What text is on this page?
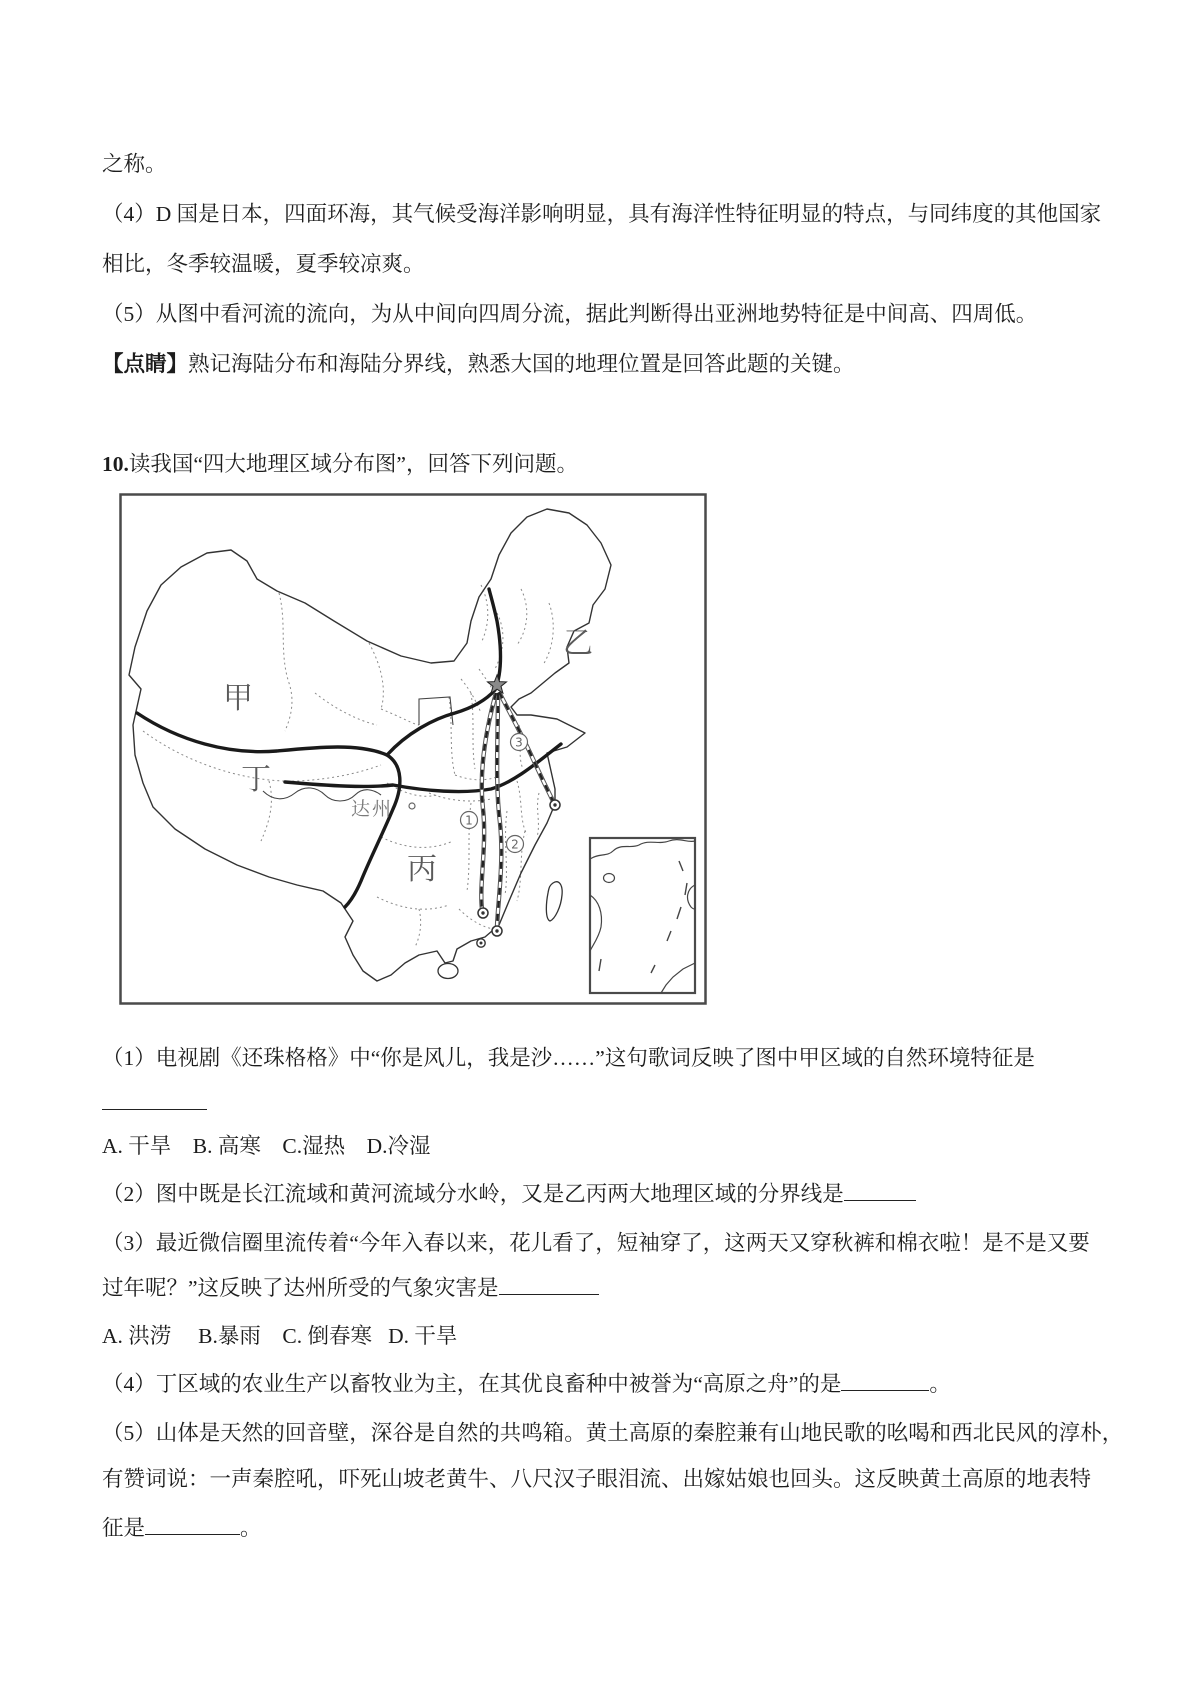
之称。
（4）D 国是日本，四面环海，其气候受海洋影响明显，具有海洋性特征明显的特点，与同纬度的其他国家
相比，冬季较温暖，夏季较凉爽。
（5）从图中看河流的流向，为从中间向四周分流，据此判断得出亚洲地势特征是中间高、四周低。
【点睛】熟记海陆分布和海陆分界线，熟悉大国的地理位置是回答此题的关键。
10.读我国“四大地理区域分布图”，回答下列问题。
甲
乙
丙
丁
达州
1
2
3
（1）电视剧《还珠格格》中“你是风儿，我是沙……”这句歌词反映了图中甲区域的自然环境特征是
A. 干旱    B. 高寒    C.湿热    D.冷湿
（2）图中既是长江流域和黄河流域分水岭，又是乙丙两大地理区域的分界线是
（3）最近微信圈里流传着“今年入春以来，花儿看了，短袖穿了，这两天又穿秋裤和棉衣啦！是不是又要
过年呢？”这反映了达州所受的气象灾害是
A. 洪涝     B.暴雨    C. 倒春寒   D. 干旱
（4）丁区域的农业生产以畜牧业为主，在其优良畜种中被誉为“高原之舟”的是	。
（5）山体是天然的回音壁，深谷是自然的共鸣箱。黄土高原的秦腔兼有山地民歌的吆喝和西北民风的淳朴，
有赞词说：一声秦腔吼，吓死山坡老黄牛、八尺汉子眼泪流、出嫁姑娘也回头。这反映黄土高原的地表特
征是	。
